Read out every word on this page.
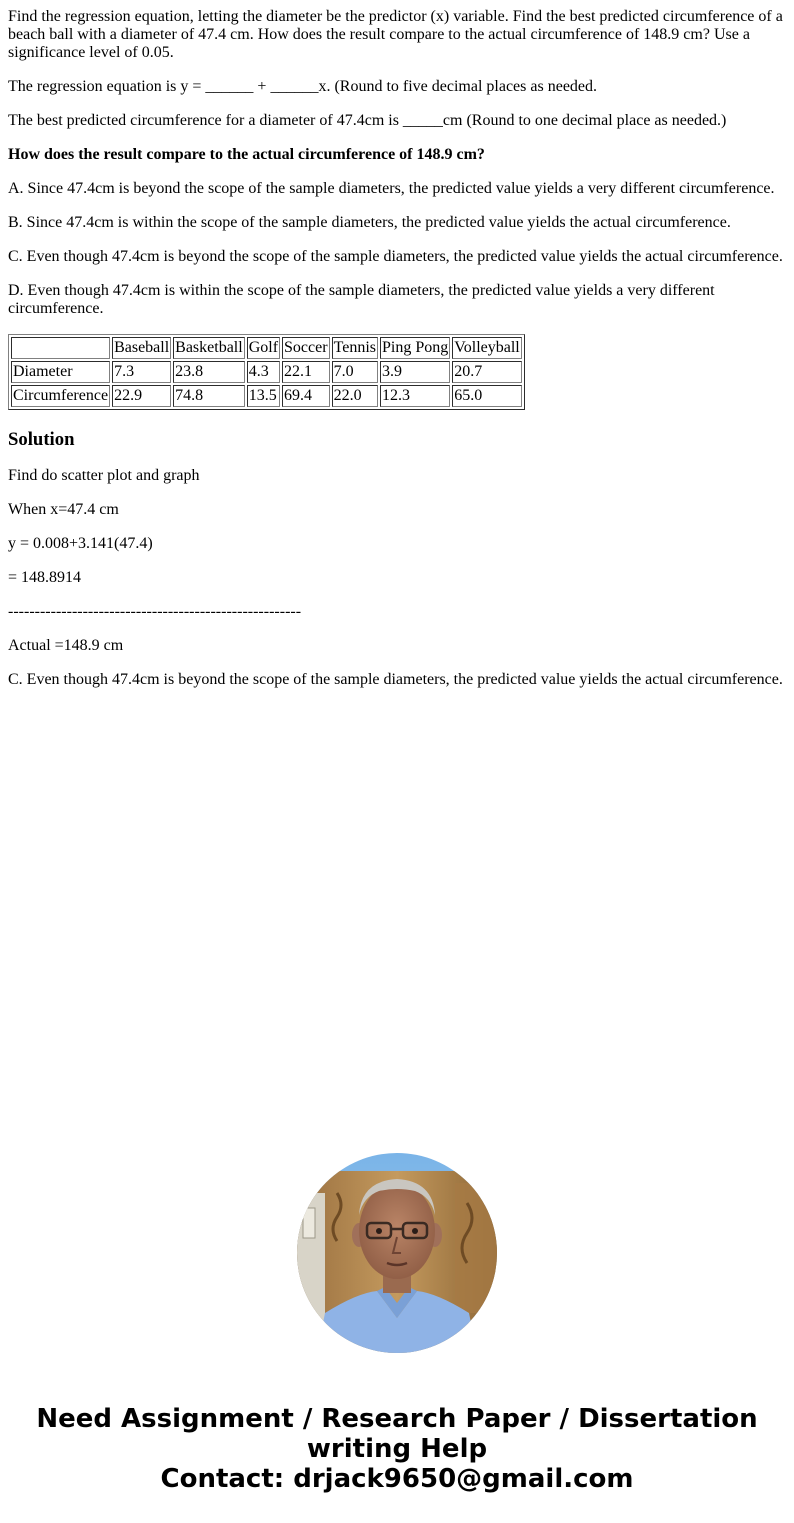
Find the regression equation, letting the diameter be the predictor (x) variable. Find the best predicted circumference of a beach ball with a diameter of 47.4 cm. How does the result compare to the actual circumference of 148.9 cm? Use a significance level of 0.05.

The regression equation is y = ______ + ______x. (Round to five decimal places as needed.

The best predicted circumference for a diameter of 47.4cm is _____cm (Round to one decimal place as needed.)

How does the result compare to the actual circumference of 148.9 cm?

A. Since 47.4cm is beyond the scope of the sample diameters, the predicted value yields a very different circumference.

B. Since 47.4cm is within the scope of the sample diameters, the predicted value yields the actual circumference.

C. Even though 47.4cm is beyond the scope of the sample diameters, the predicted value yields the actual circumference.

D. Even though 47.4cm is within the scope of the sample diameters, the predicted value yields a very different circumference.

	Baseball	Basketball	Golf	Soccer	Tennis	Ping Pong	Volleyball
Diameter	7.3	23.8	4.3	22.1	7.0	3.9	20.7
Circumference	22.9	74.8	13.5	69.4	22.0	12.3	65.0
Solution

Find do scatter plot and graph

When x=47.4 cm

y = 0.008+3.141(47.4)

= 148.8914

-------------------------------------------------------

Actual =148.9 cm

C. Even though 47.4cm is beyond the scope of the sample diameters, the predicted value yields the actual circumference.

Need Assignment / Research Paper / Dissertation
writing Help
Contact: drjack9650@gmail.com
